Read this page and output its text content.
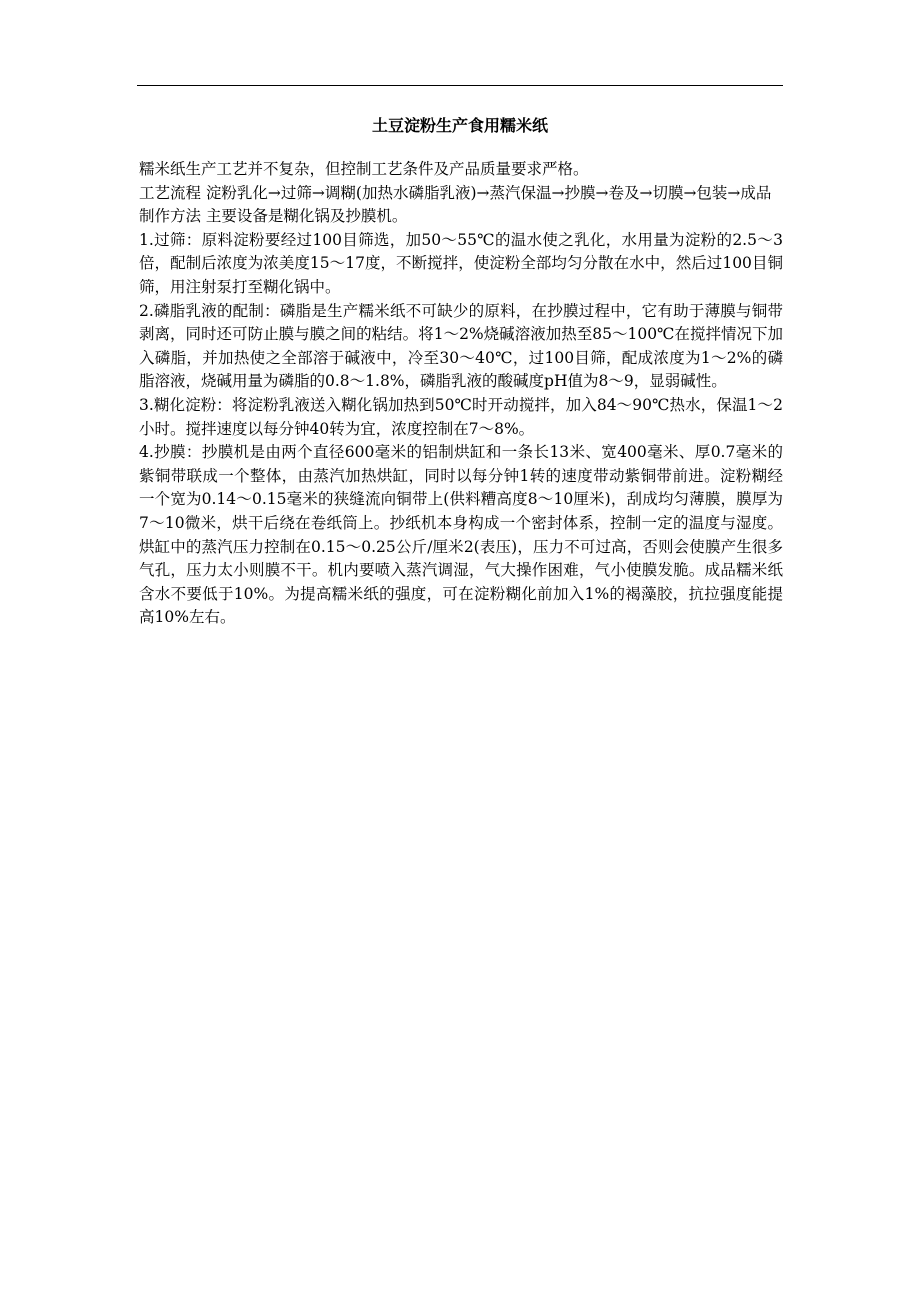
土豆淀粉生产食用糯米纸

糯米纸生产工艺并不复杂，但控制工艺条件及产品质量要求严格。

工艺流程 淀粉乳化→过筛→调糊(加热水磷脂乳液)→蒸汽保温→抄膜→卷及→切膜→包装→成品

制作方法 主要设备是糊化锅及抄膜机。

1.过筛：原料淀粉要经过100目筛选，加50～55℃的温水使之乳化，水用量为淀粉的2.5～3倍，配制后浓度为浓美度15～17度，不断搅拌，使淀粉全部均匀分散在水中，然后过100目铜筛，用注射泵打至糊化锅中。

2.磷脂乳液的配制：磷脂是生产糯米纸不可缺少的原料，在抄膜过程中，它有助于薄膜与铜带剥离，同时还可防止膜与膜之间的粘结。将1～2%烧碱溶液加热至85～100℃在搅拌情况下加入磷脂，并加热使之全部溶于碱液中，冷至30～40℃，过100目筛，配成浓度为1～2%的磷脂溶液，烧碱用量为磷脂的0.8～1.8%，磷脂乳液的酸碱度pH值为8～9，显弱碱性。

3.糊化淀粉：将淀粉乳液送入糊化锅加热到50℃时开动搅拌，加入84～90℃热水，保温1～2小时。搅拌速度以每分钟40转为宜，浓度控制在7～8%。

4.抄膜：抄膜机是由两个直径600毫米的铝制烘缸和一条长13米、宽400毫米、厚0.7毫米的紫铜带联成一个整体，由蒸汽加热烘缸，同时以每分钟1转的速度带动紫铜带前进。淀粉糊经一个宽为0.14～0.15毫米的狭缝流向铜带上(供料糟高度8～10厘米)，刮成均匀薄膜，膜厚为7～10微米，烘干后绕在卷纸筒上。抄纸机本身构成一个密封体系，控制一定的温度与湿度。烘缸中的蒸汽压力控制在0.15～0.25公斤/厘米2(表压)，压力不可过高，否则会使膜产生很多气孔，压力太小则膜不干。机内要喷入蒸汽调湿，气大操作困难，气小使膜发脆。成品糯米纸含水不要低于10%。为提高糯米纸的强度，可在淀粉糊化前加入1%的褐藻胶，抗拉强度能提高10%左右。
